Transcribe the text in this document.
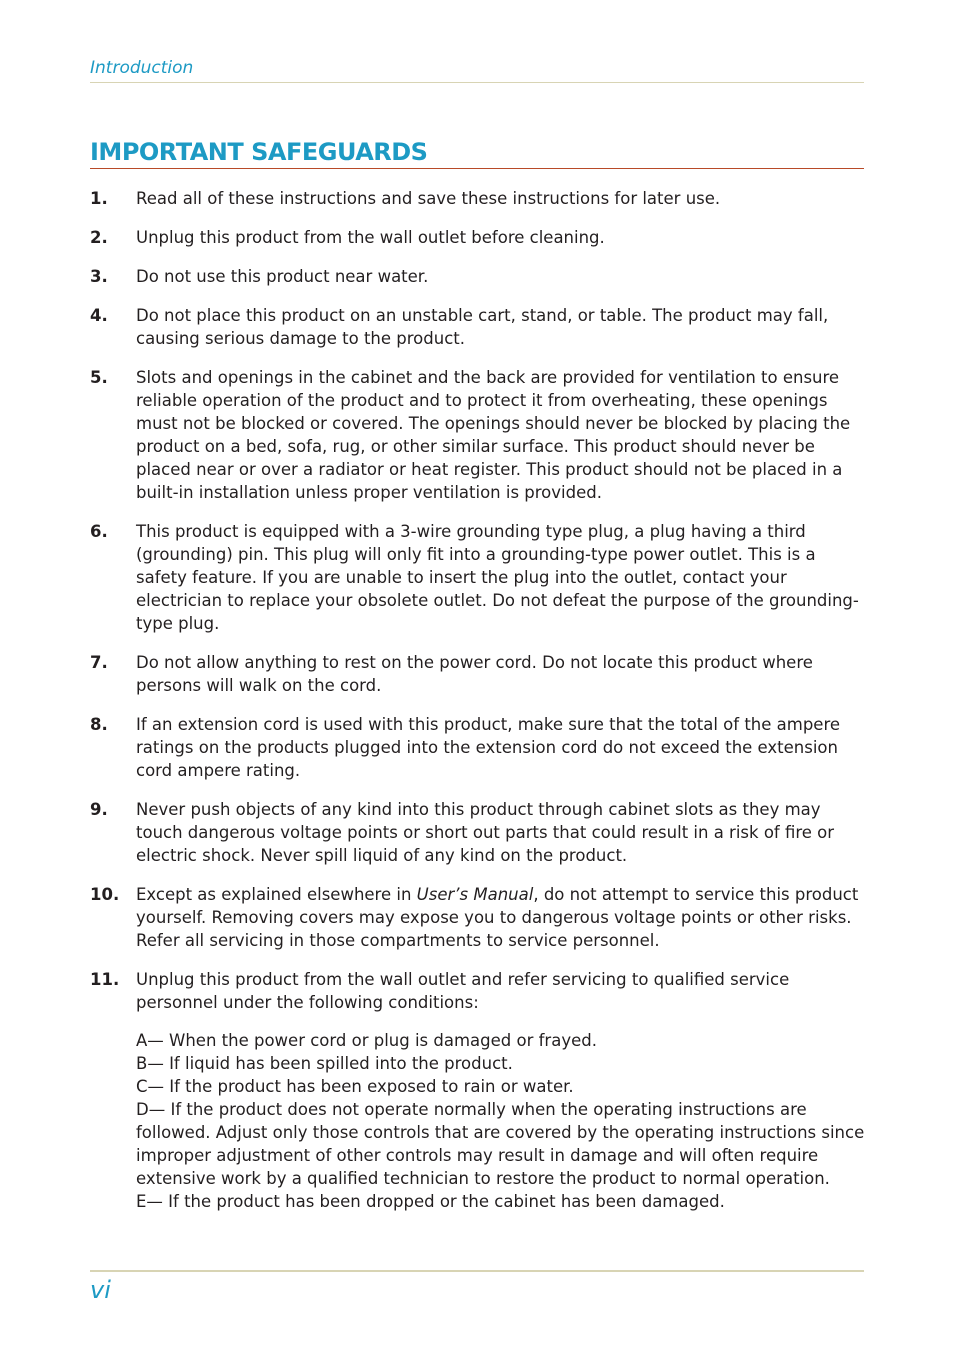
Introduction
IMPORTANT SAFEGUARDS
1. Read all of these instructions and save these instructions for later use.
2. Unplug this product from the wall outlet before cleaning.
3. Do not use this product near water.
4. Do not place this product on an unstable cart, stand, or table. The product may fall, causing serious damage to the product.
5. Slots and openings in the cabinet and the back are provided for ventilation to ensure reliable operation of the product and to protect it from overheating, these openings must not be blocked or covered. The openings should never be blocked by placing the product on a bed, sofa, rug, or other similar surface. This product should never be placed near or over a radiator or heat register. This product should not be placed in a built-in installation unless proper ventilation is provided.
6. This product is equipped with a 3-wire grounding type plug, a plug having a third (grounding) pin. This plug will only fit into a grounding-type power outlet. This is a safety feature. If you are unable to insert the plug into the outlet, contact your electrician to replace your obsolete outlet. Do not defeat the purpose of the grounding-type plug.
7. Do not allow anything to rest on the power cord. Do not locate this product where persons will walk on the cord.
8. If an extension cord is used with this product, make sure that the total of the ampere ratings on the products plugged into the extension cord do not exceed the extension cord ampere rating.
9. Never push objects of any kind into this product through cabinet slots as they may touch dangerous voltage points or short out parts that could result in a risk of fire or electric shock. Never spill liquid of any kind on the product.
10. Except as explained elsewhere in User’s Manual, do not attempt to service this product yourself. Removing covers may expose you to dangerous voltage points or other risks. Refer all servicing in those compartments to service personnel.
11. Unplug this product from the wall outlet and refer servicing to qualified service personnel under the following conditions:
A— When the power cord or plug is damaged or frayed.
B— If liquid has been spilled into the product.
C— If the product has been exposed to rain or water.
D— If the product does not operate normally when the operating instructions are followed. Adjust only those controls that are covered by the operating instructions since improper adjustment of other controls may result in damage and will often require extensive work by a qualified technician to restore the product to normal operation.
E— If the product has been dropped or the cabinet has been damaged.
vi
